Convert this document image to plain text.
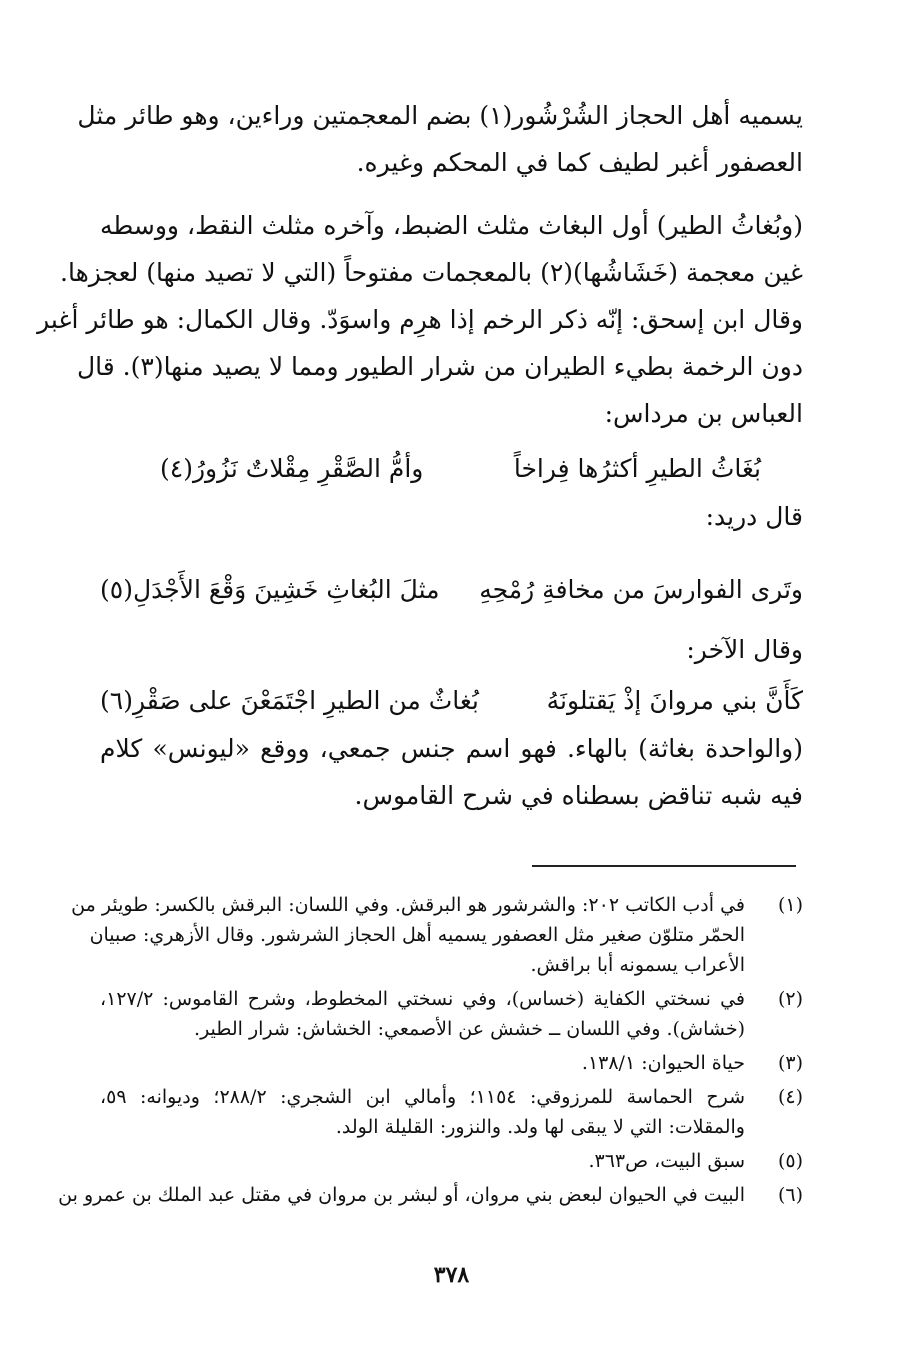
يسميه أهل الحجاز الشُرْشُور(١) بضم المعجمتين وراءين، وهو طائر مثل
العصفور أغبر لطيف كما في المحكم وغيره.
(وبُغاثُ الطير) أول البغاث مثلث الضبط، وآخره مثلث النقط، ووسطه
غين معجمة (خَشَاشُها)(٢) بالمعجمات مفتوحاً (التي لا تصيد منها) لعجزها.
وقال ابن إسحق: إنّه ذكر الرخم إذا هرِم واسوَدّ. وقال الكمال: هو طائر أغبر
دون الرخمة بطيء الطيران من شرار الطيور ومما لا يصيد منها(٣). قال
العباس بن مرداس:
بُغَاثُ الطيرِ أكثرُها فِراخاً
وأمُّ الصَّقْرِ مِقْلاتٌ نَزُورُ(٤)
قال دريد:
وتَرى الفوارسَ من مخافةِ رُمْحِهِ
مثلَ البُغاثِ خَشِينَ وَقْعَ الأَجْدَلِ(٥)
وقال الآخر:
كَأَنَّ بني مروانَ إذْ يَقتلونَهُ
بُغاثٌ من الطيرِ اجْتَمَعْنَ على صَقْرِ(٦)
(والواحدة بغاثة) بالهاء. فهو اسم جنس جمعي، ووقع «ليونس» كلام
فيه شبه تناقض بسطناه في شرح القاموس.
(١)
في أدب الكاتب ٢٠٢: والشرشور هو البرقش. وفي اللسان: البرقش بالكسر: طويئر من
الحمّر متلوّن صغير مثل العصفور يسميه أهل الحجاز الشرشور. وقال الأزهري: صبيان
الأعراب يسمونه أبا براقش.
(٢)
في نسختي الكفاية (خساس)، وفي نسختي المخطوط، وشرح القاموس: ١٢٧/٢،
(خشاش). وفي اللسان ــ خشش عن الأصمعي: الخشاش: شرار الطير.
(٣)
حياة الحيوان: ١٣٨/١.
(٤)
شرح الحماسة للمرزوقي: ١١٥٤؛ وأمالي ابن الشجري: ٢٨٨/٢؛ وديوانه: ٥٩،
والمقلات: التي لا يبقى لها ولد. والنزور: القليلة الولد.
(٥)
سبق البيت، ص٣٦٣.
(٦)
البيت في الحيوان لبعض بني مروان، أو لبشر بن مروان في مقتل عبد الملك بن عمرو بن
٣٧٨
